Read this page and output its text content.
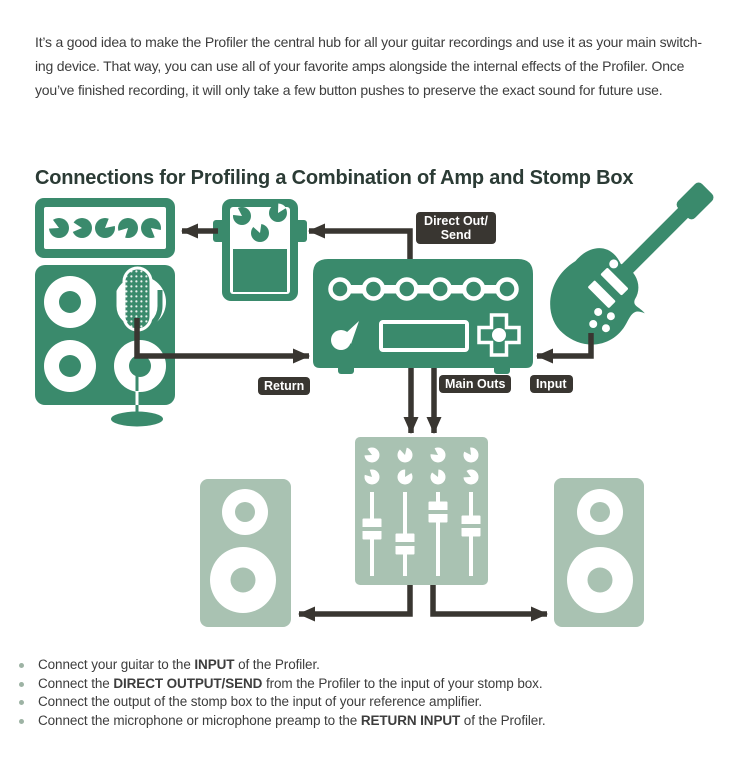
It’s a good idea to make the Profiler the central hub for all your guitar recordings and use it as your main switch-
ing device. That way, you can use all of your favorite amps alongside the internal effects of the Profiler. Once
you’ve finished recording, it will only take a few button pushes to preserve the exact sound for future use.
Connections for Profiling a Combination of Amp and Stomp Box
Direct Out/
Send
Return	Main Outs	Input
Connect your guitar to the INPUT of the Profiler.
Connect the DIRECT OUTPUT/SEND from the Profiler to the input of your stomp box.
Connect the output of the stomp box to the input of your reference amplifier.
Connect the microphone or microphone preamp to the RETURN INPUT of the Profiler.
